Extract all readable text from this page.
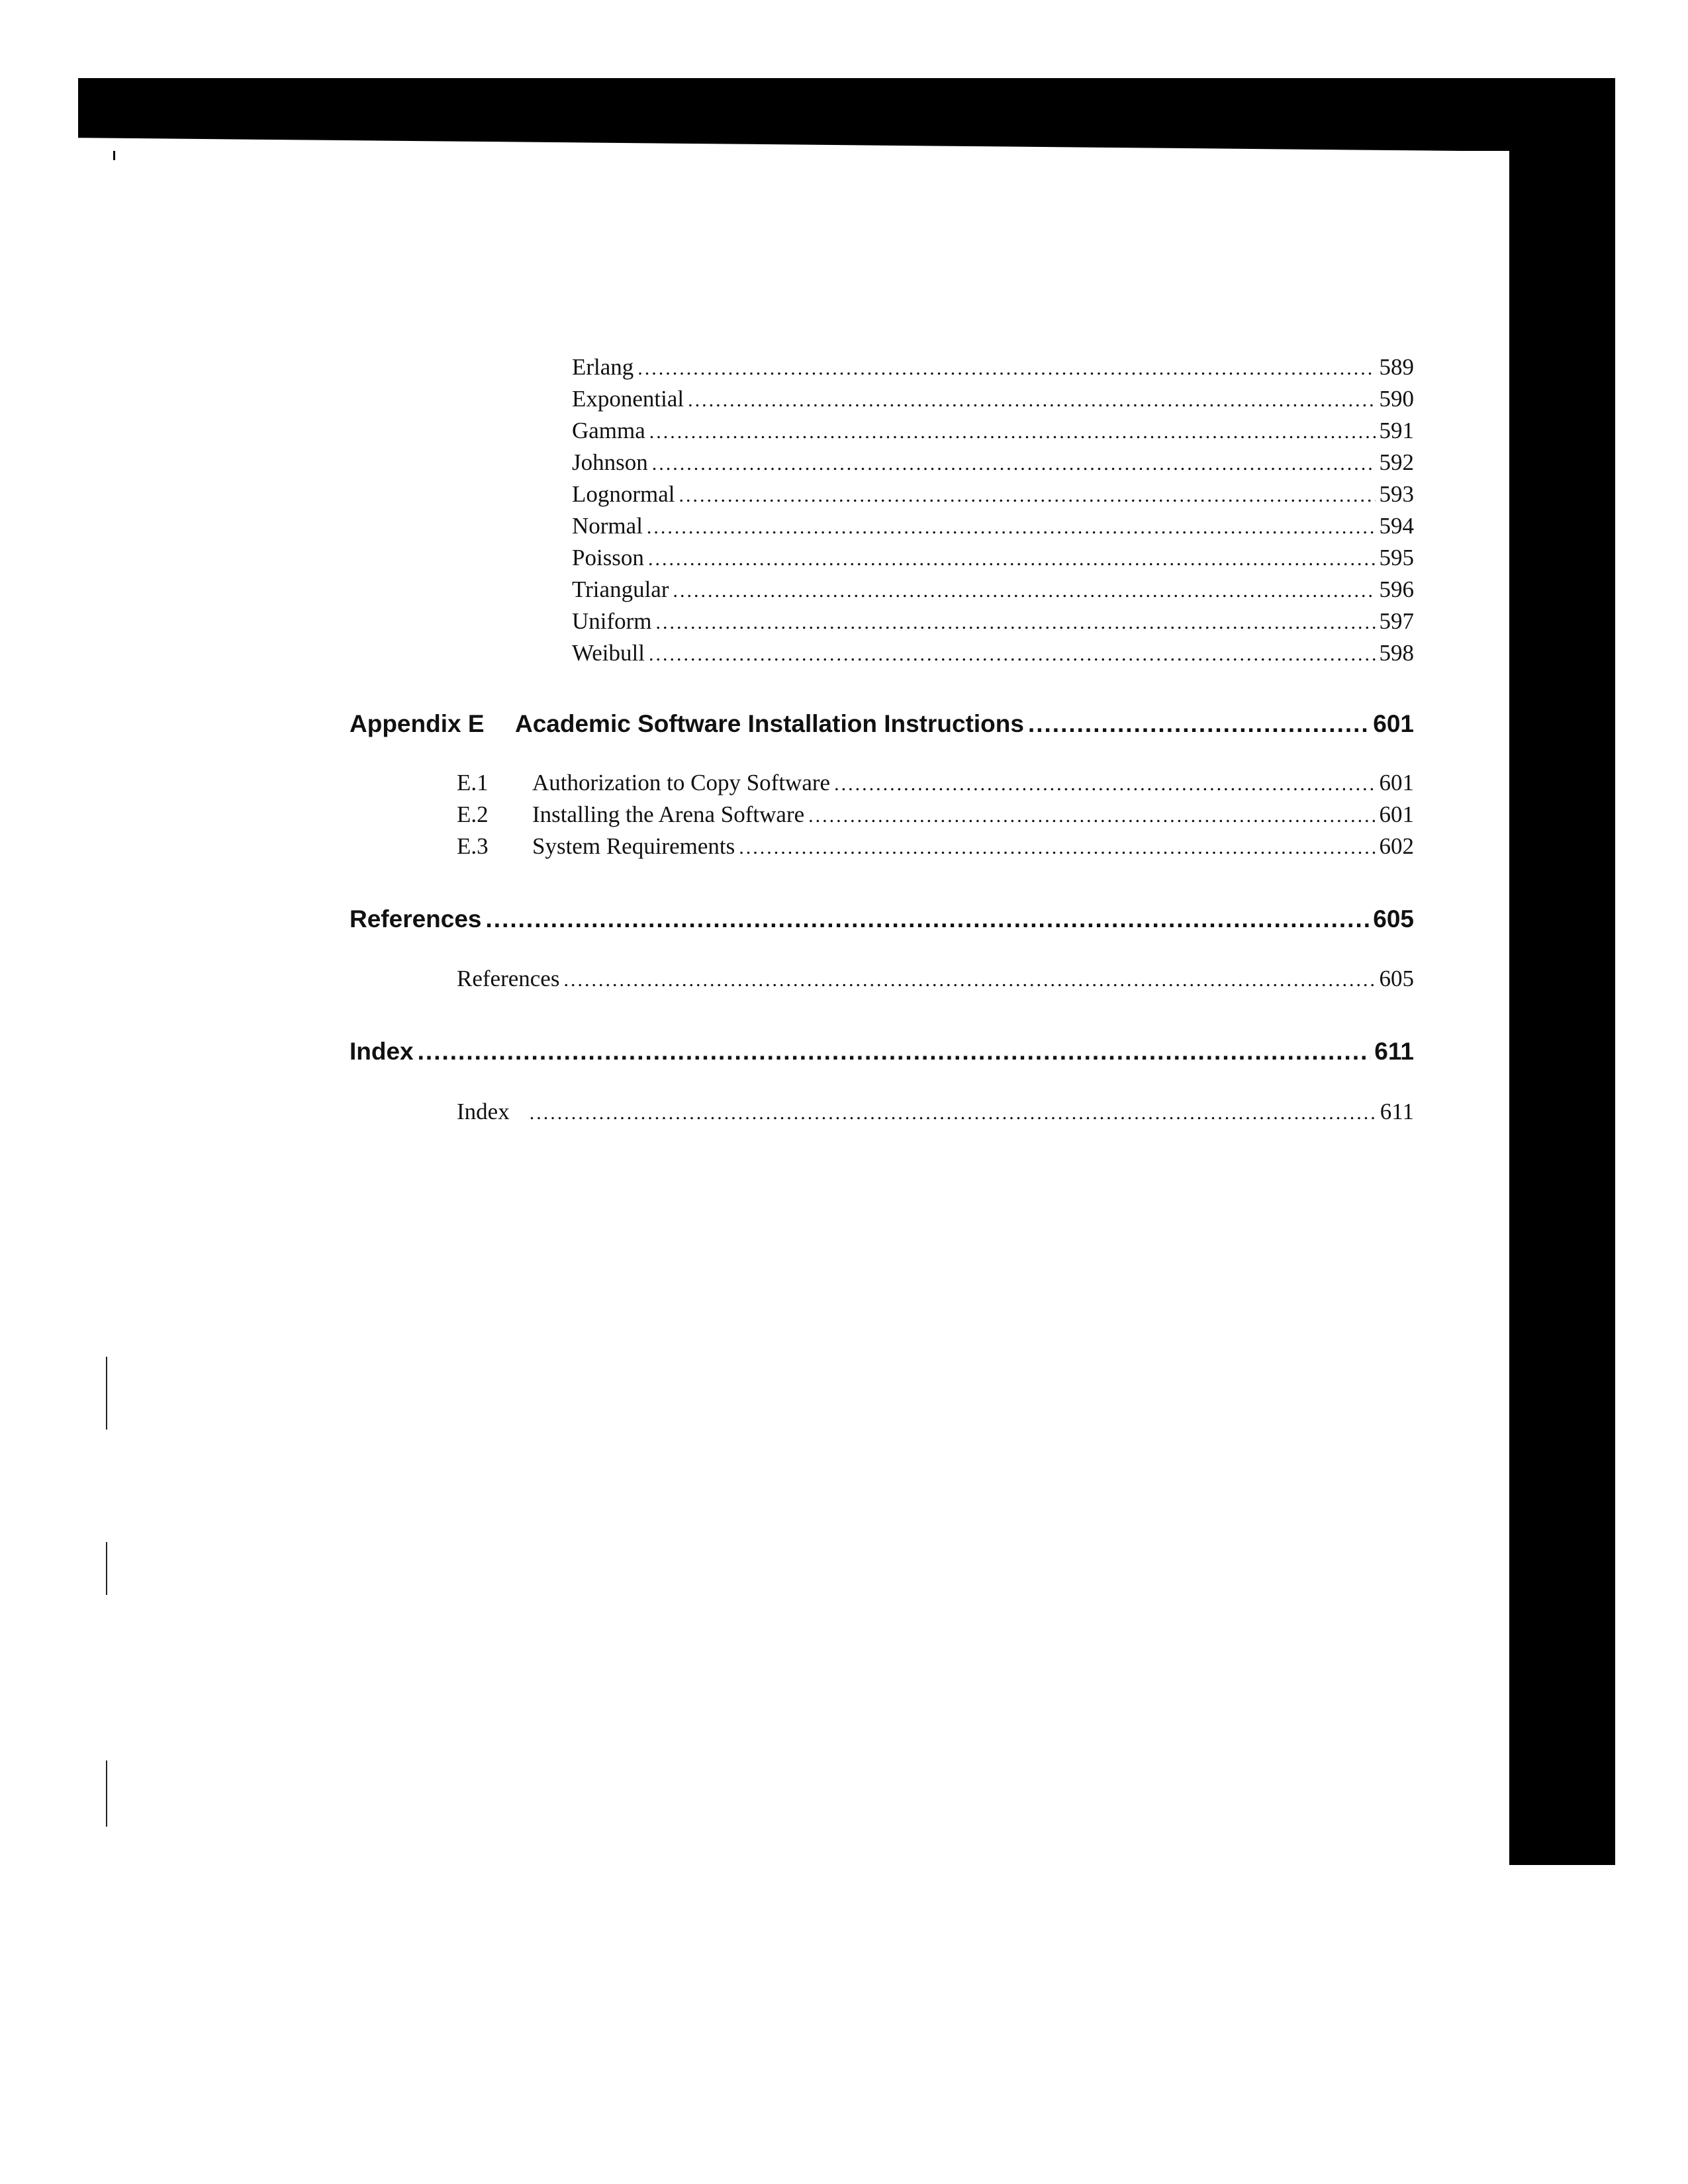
Erlang .....	589
Exponential .....	590
Gamma .....	591
Johnson .....	592
Lognormal .....	593
Normal .....	594
Poisson .....	595
Triangular .....	596
Uniform .....	597
Weibull .....	598
Appendix E	Academic Software Installation Instructions .....	601
E.1	Authorization to Copy Software .....	601
E.2	Installing the Arena Software .....	601
E.3	System Requirements .....	602
References .....	605
References .....	605
Index .....	611
Index .....	611
